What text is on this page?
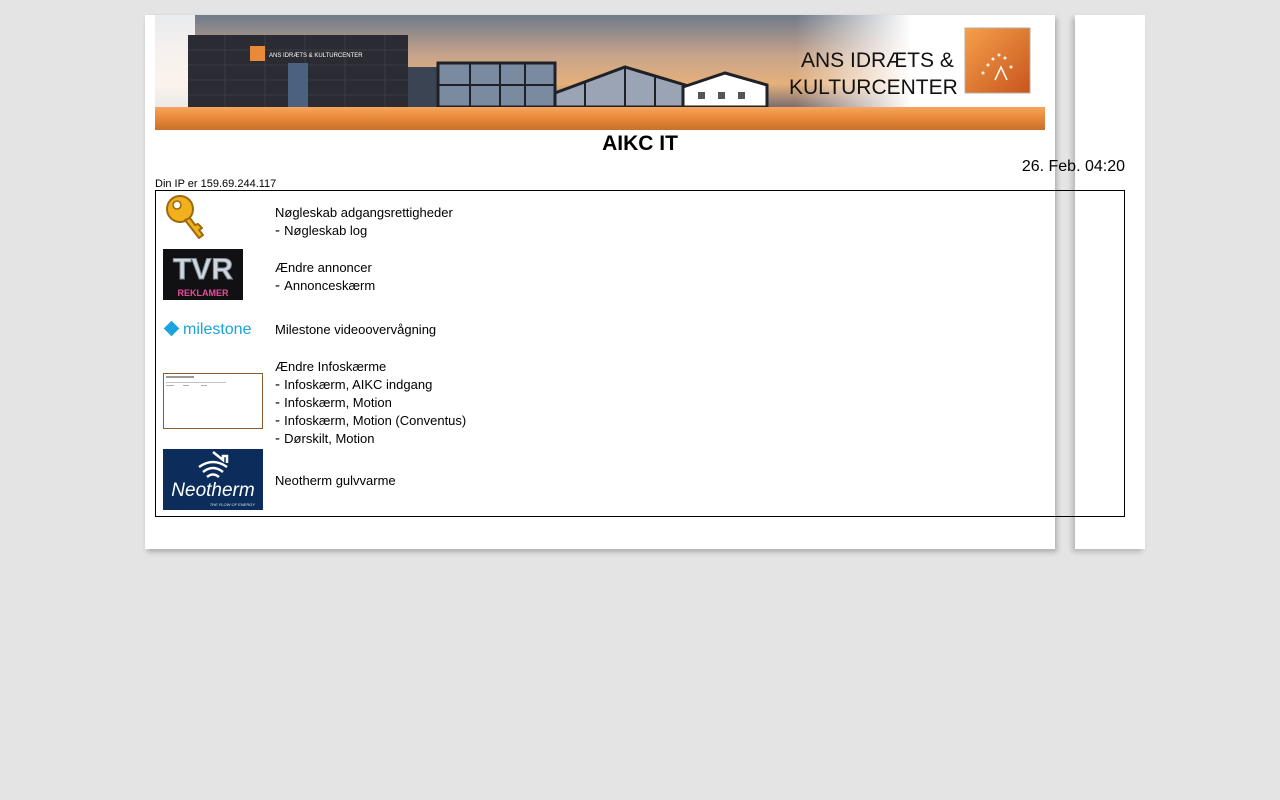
ANS IDRÆTS &
KULTURCENTER
AIKC IT
26. Feb. 04:20
Din IP er 159.69.244.117
Nøgleskab adgangsrettigheder
- Nøgleskab log
TVR
REKLAMER
Ændre annoncer
- Annonceskærm
milestone Milestone videoovervågning
Ændre Infoskærme
- Infoskærm, AIKC indgang
- Infoskærm, Motion
- Infoskærm, Motion (Conventus)
- Dørskilt, Motion
Neotherm
THE FLOW OF ENERGY
Neotherm gulvvarme
